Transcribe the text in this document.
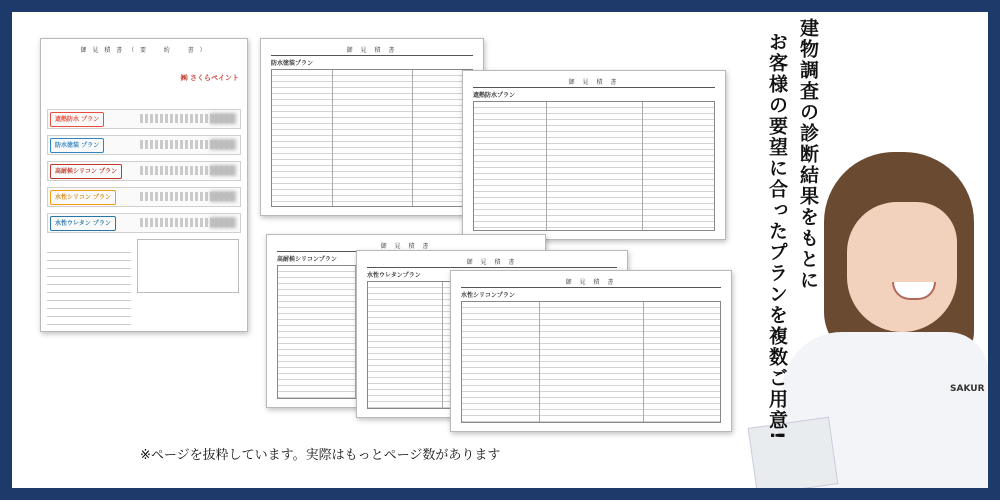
御 見 積 書 （ 要 　 約 　 書 ）
㈱ さくらペイント
遮熱防水 プラン
防水塗装 プラン
高耐候シリコン プラン
水性シリコン プラン
水性ウレタン プラン
御 見 積 書
防水塗装プラン
御 見 積 書
遮熱防水プラン
御 見 積 書
高耐候シリコンプラン	御 見 積 書
水性ウレタンプラン
御 見 積 書
水性シリコンプラン
※ページを抜粋しています。実際はもっとページ数があります
SAKUR
建物調査の診断結果をもとに
お客様の要望に合ったプランを複数ご用意!
